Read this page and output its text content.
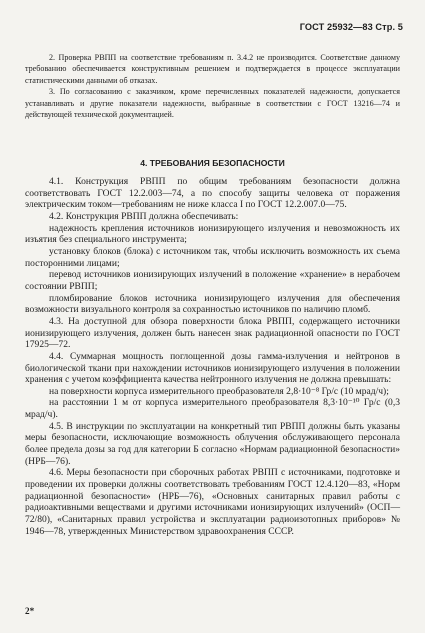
ГОСТ 25932—83 Стр. 5

2. Проверка РВПП на соответствие требованиям п. 3.4.2 не производится. Соответствие данному требованию обеспечивается конструктивным решением и подтверждается в процессе эксплуатации статистическими данными об отказах.

3. По согласованию с заказчиком, кроме перечисленных показателей надежности, допускается устанавливать и другие показатели надежности, выбранные в соответствии с ГОСТ 13216—74 и действующей технической документацией.

4. ТРЕБОВАНИЯ БЕЗОПАСНОСТИ

4.1. Конструкция РВПП по общим требованиям безопасности должна соответствовать ГОСТ 12.2.003—74, а по способу защиты человека от поражения электрическим током—требованиям не ниже класса I по ГОСТ 12.2.007.0—75.

4.2. Конструкция РВПП должна обеспечивать:

надежность крепления источников ионизирующего излучения и невозможность их изъятия без специального инструмента;

установку блоков (блока) с источником так, чтобы исключить возможность их съема посторонними лицами;

перевод источников ионизирующих излучений в положение «хранение» в нерабочем состоянии РВПП;

пломбирование блоков источника ионизирующего излучения для обеспечения возможности визуального контроля за сохранностью источников по наличию пломб.

4.3. На доступной для обзора поверхности блока РВПП, содержащего источники ионизирующего излучения, должен быть нанесен знак радиационной опасности по ГОСТ 17925—72.

4.4. Суммарная мощность поглощенной дозы гамма-излучения и нейтронов в биологической ткани при нахождении источников ионизирующего излучения в положении хранения с учетом коэффициента качества нейтронного излучения не должна превышать:

на поверхности корпуса измерительного преобразователя 2,8·10⁻⁸ Гр/с (10 мрад/ч);

на расстоянии 1 м от корпуса измерительного преобразователя 8,3·10⁻¹⁰ Гр/с (0,3 мрад/ч).

4.5. В инструкции по эксплуатации на конкретный тип РВПП должны быть указаны меры безопасности, исключающие возможность облучения обслуживающего персонала более предела дозы за год для категории Б согласно «Нормам радиационной безопасности» (НРБ—76).

4.6. Меры безопасности при сборочных работах РВПП с источниками, подготовке и проведении их проверки должны соответствовать требованиям ГОСТ 12.4.120—83, «Норм радиационной безопасности» (НРБ—76), «Основных санитарных правил работы с радиоактивными веществами и другими источниками ионизирующих излучений» (ОСП—72/80), «Санитарных правил устройства и эксплуатации радиоизотопных приборов» № 1946—78, утвержденных Министерством здравоохранения СССР.

2*
